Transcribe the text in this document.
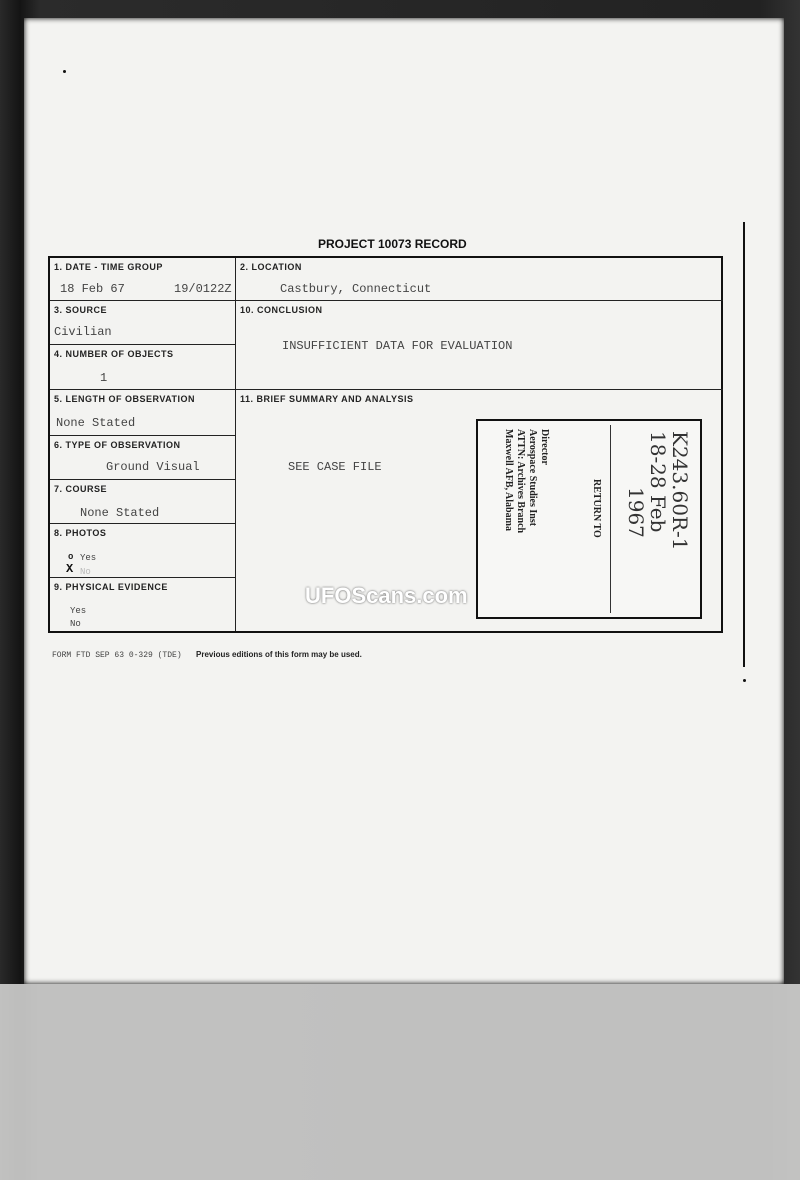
PROJECT 10073 RECORD
1. DATE - TIME GROUP
18 Feb 67	19/0122Z
2. LOCATION
Castbury, Connecticut
3. SOURCE
Civilian
4. NUMBER OF OBJECTS
1
10. CONCLUSION
INSUFFICIENT DATA FOR EVALUATION
5. LENGTH OF OBSERVATION
None Stated
6. TYPE OF OBSERVATION
Ground Visual
7. COURSE
None Stated
8. PHOTOS
o Yes
X No
9. PHYSICAL EVIDENCE
Yes
No
11. BRIEF SUMMARY AND ANALYSIS
SEE CASE FILE
Director
Aerospace Studies Inst
ATTN: Archives Branch
Maxwell AFB, Alabama	RETURN TO	K243.60R-1
18-28 Feb
1967
UFOScans.com
FORM FTD SEP 63 0-329 (TDE) Previous editions of this form may be used.
